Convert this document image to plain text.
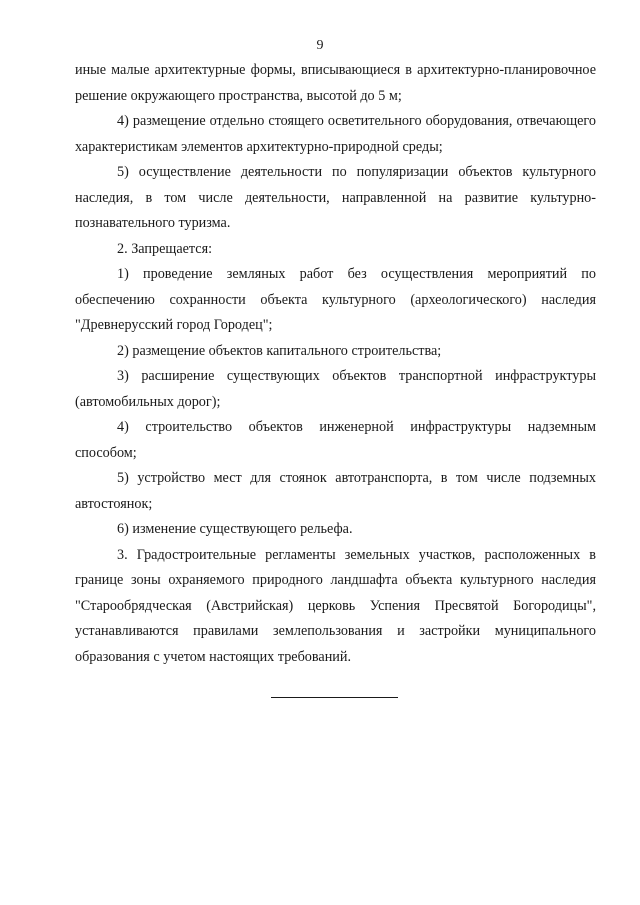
9

иные малые архитектурные формы, вписывающиеся в архитектурно-планировочное решение окружающего пространства, высотой до 5 м;

4) размещение отдельно стоящего осветительного оборудования, отвечающего характеристикам элементов архитектурно-природной среды;

5) осуществление деятельности по популяризации объектов культурного наследия, в том числе деятельности, направленной на развитие культурно-познавательного туризма.

2. Запрещается:

1) проведение земляных работ без осуществления мероприятий по обеспечению сохранности объекта культурного (археологического) наследия "Древнерусский город Городец";

2) размещение объектов капитального строительства;

3) расширение существующих объектов транспортной инфраструктуры (автомобильных дорог);

4) строительство объектов инженерной инфраструктуры надземным способом;

5) устройство мест для стоянок автотранспорта, в том числе подземных автостоянок;

6) изменение существующего рельефа.

3. Градостроительные регламенты земельных участков, расположенных в границе зоны охраняемого природного ландшафта объекта культурного наследия "Старообрядческая (Австрийская) церковь Успения Пресвятой Богородицы", устанавливаются правилами землепользования и застройки муниципального образования с учетом настоящих требований.
